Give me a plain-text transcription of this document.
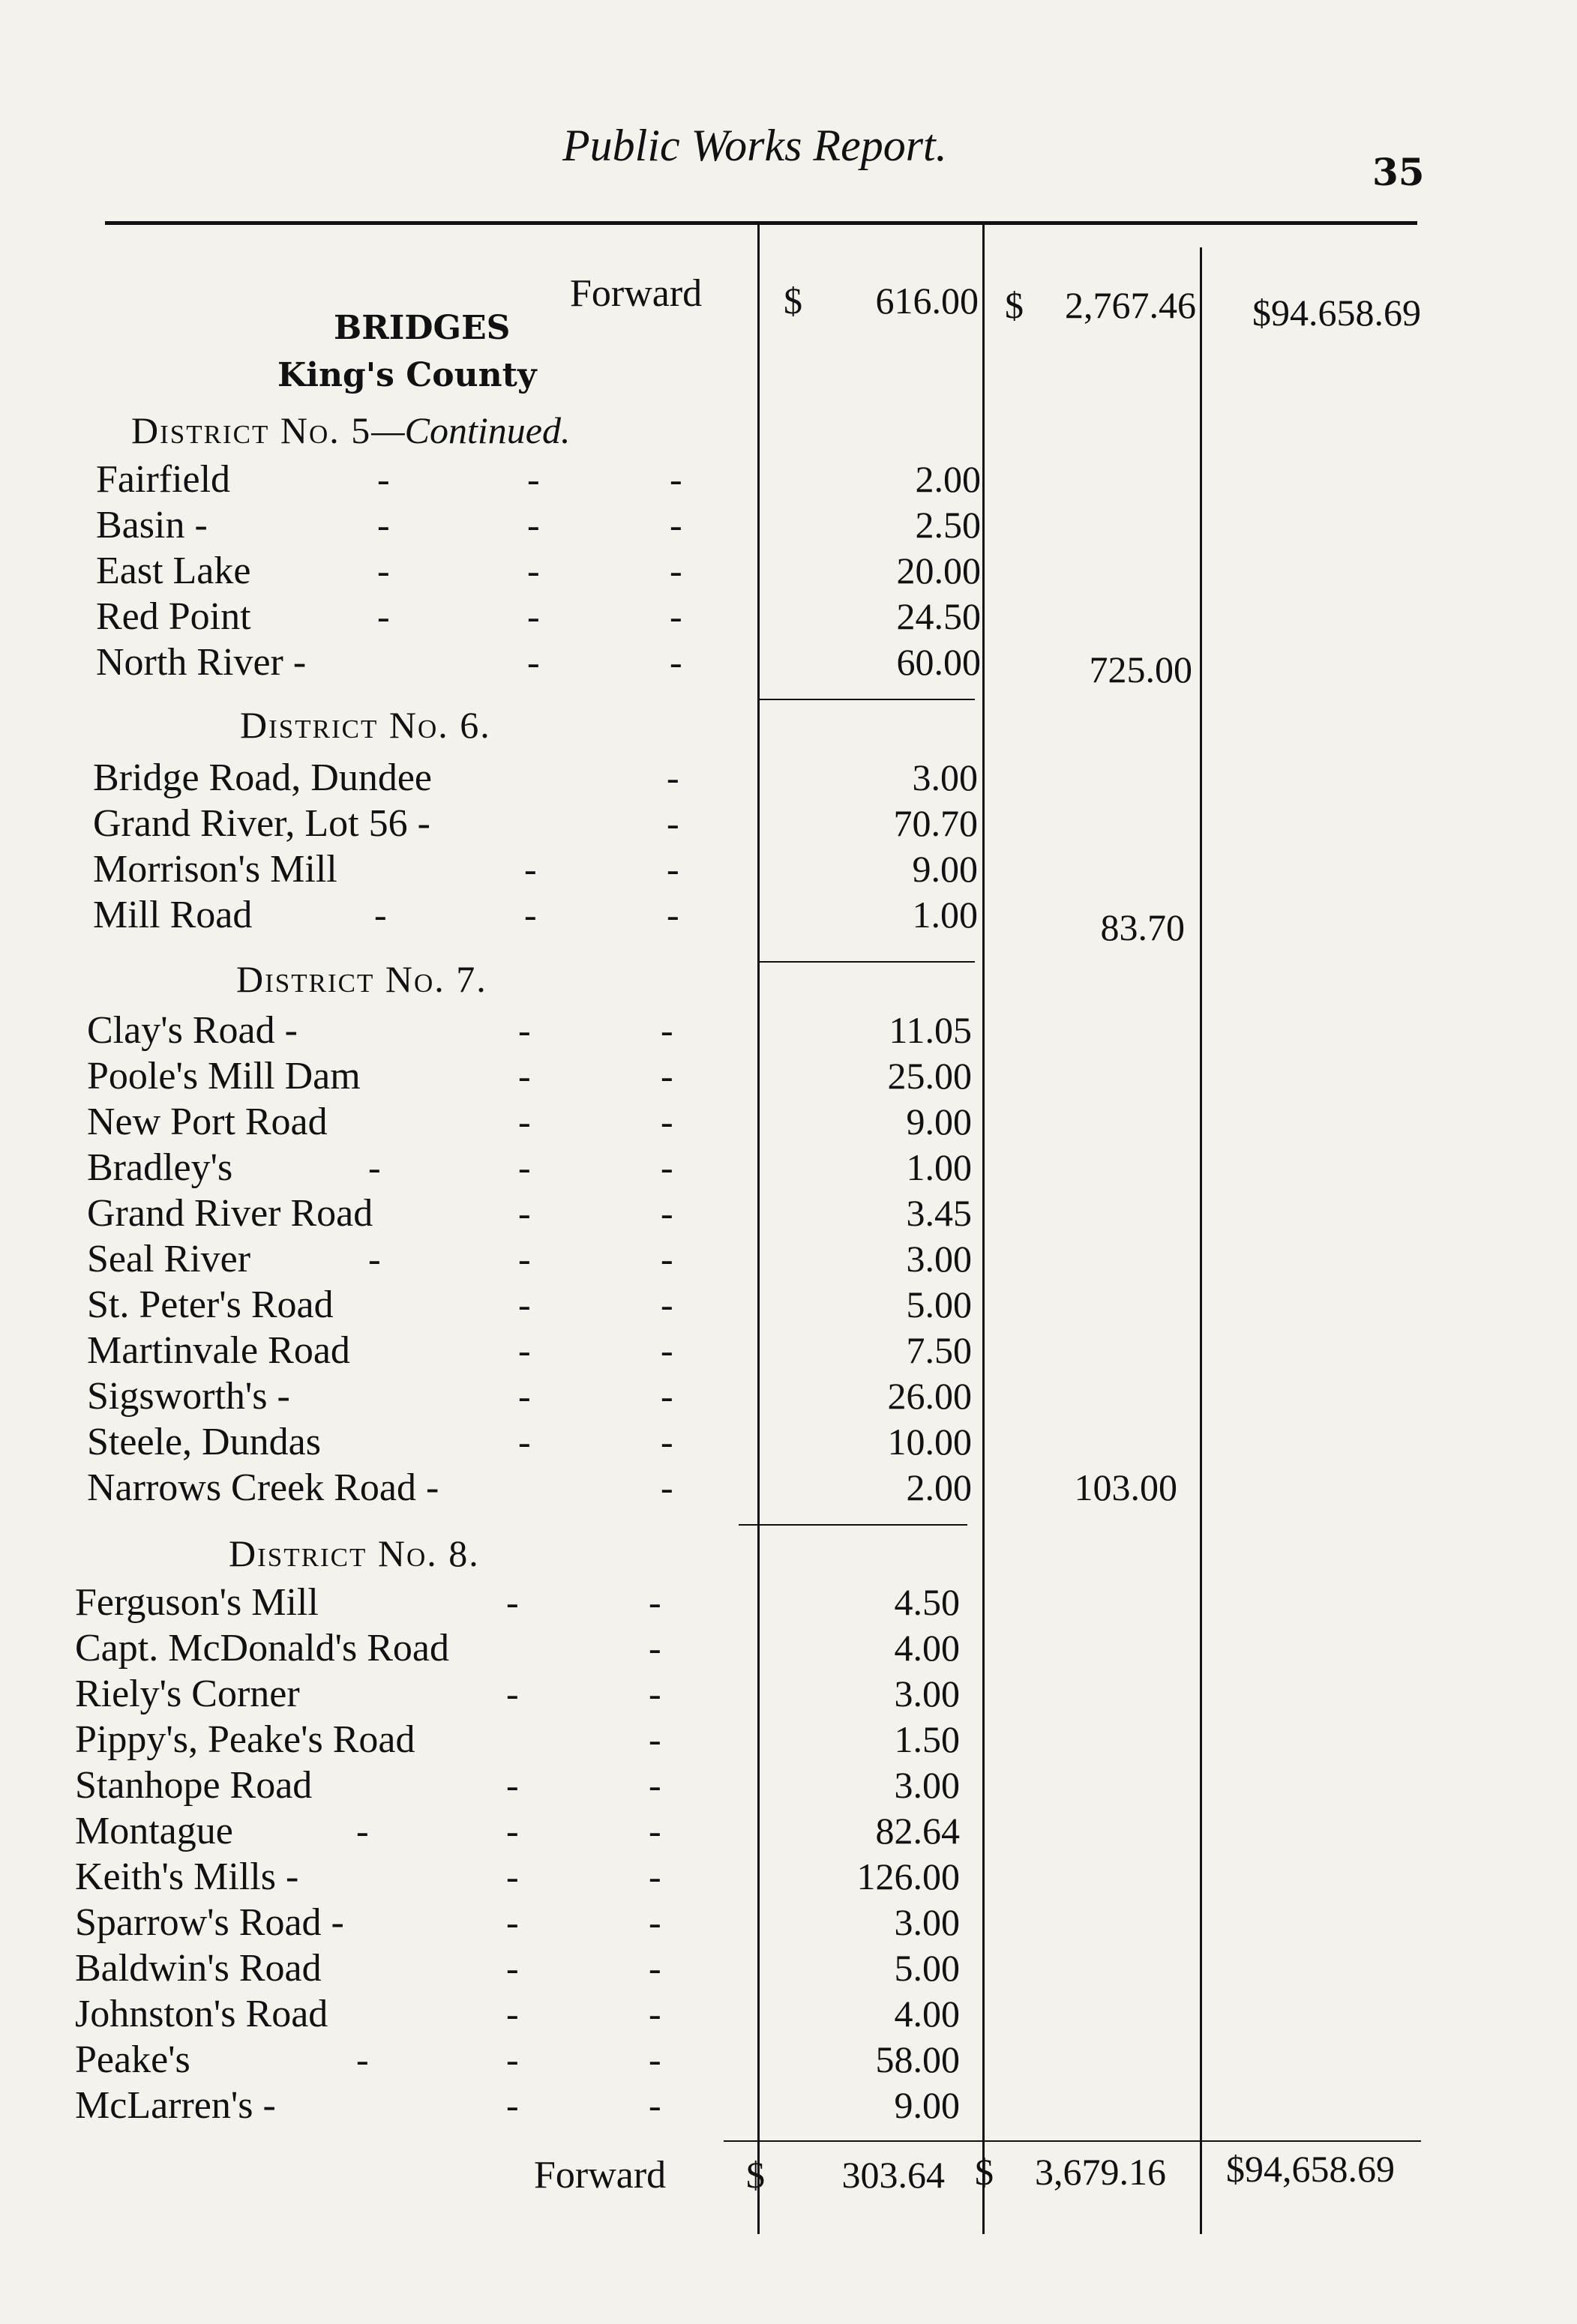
Public Works Report.
35
Forward $	616.00 $	2,767.46	$94.658.69
BRIDGES
King's County
District No. 5—Continued.
Fairfield	-	-	-	2.00
Basin -	-	-	-	2.50
East Lake	-	-	-	20.00
Red Point	-	-	-	24.50
North River -	-	-	60.00	725.00
District No. 6.
Bridge Road, Dundee	-	3.00
Grand River, Lot 56 -	-	70.70
Morrison's Mill	-	-	9.00
Mill Road	-	-	-	1.00	83.70
District No. 7.
Clay's Road -	-	-	11.05
Poole's Mill Dam	-	-	25.00
New Port Road	-	-	9.00
Bradley's	-	-	-	1.00
Grand River Road	-	-	3.45
Seal River	-	-	-	3.00
St. Peter's Road	-	-	5.00
Martinvale Road	-	-	7.50
Sigsworth's -	-	-	26.00
Steele, Dundas	-	-	10.00
Narrows Creek Road -	-	2.00	103.00
District No. 8.
Ferguson's Mill	-	-	4.50
Capt. McDonald's Road	-	4.00
Riely's Corner	-	-	3.00
Pippy's, Peake's Road	-	1.50
Stanhope Road	-	-	3.00
Montague	-	-	-	82.64
Keith's Mills -	-	-	126.00
Sparrow's Road -	-	-	3.00
Baldwin's Road	-	-	5.00
Johnston's Road	-	-	4.00
Peake's	-	-	-	58.00
McLarren's -	-	-	9.00
Forward $	303.64 $	3,679.16	$94,658.69
